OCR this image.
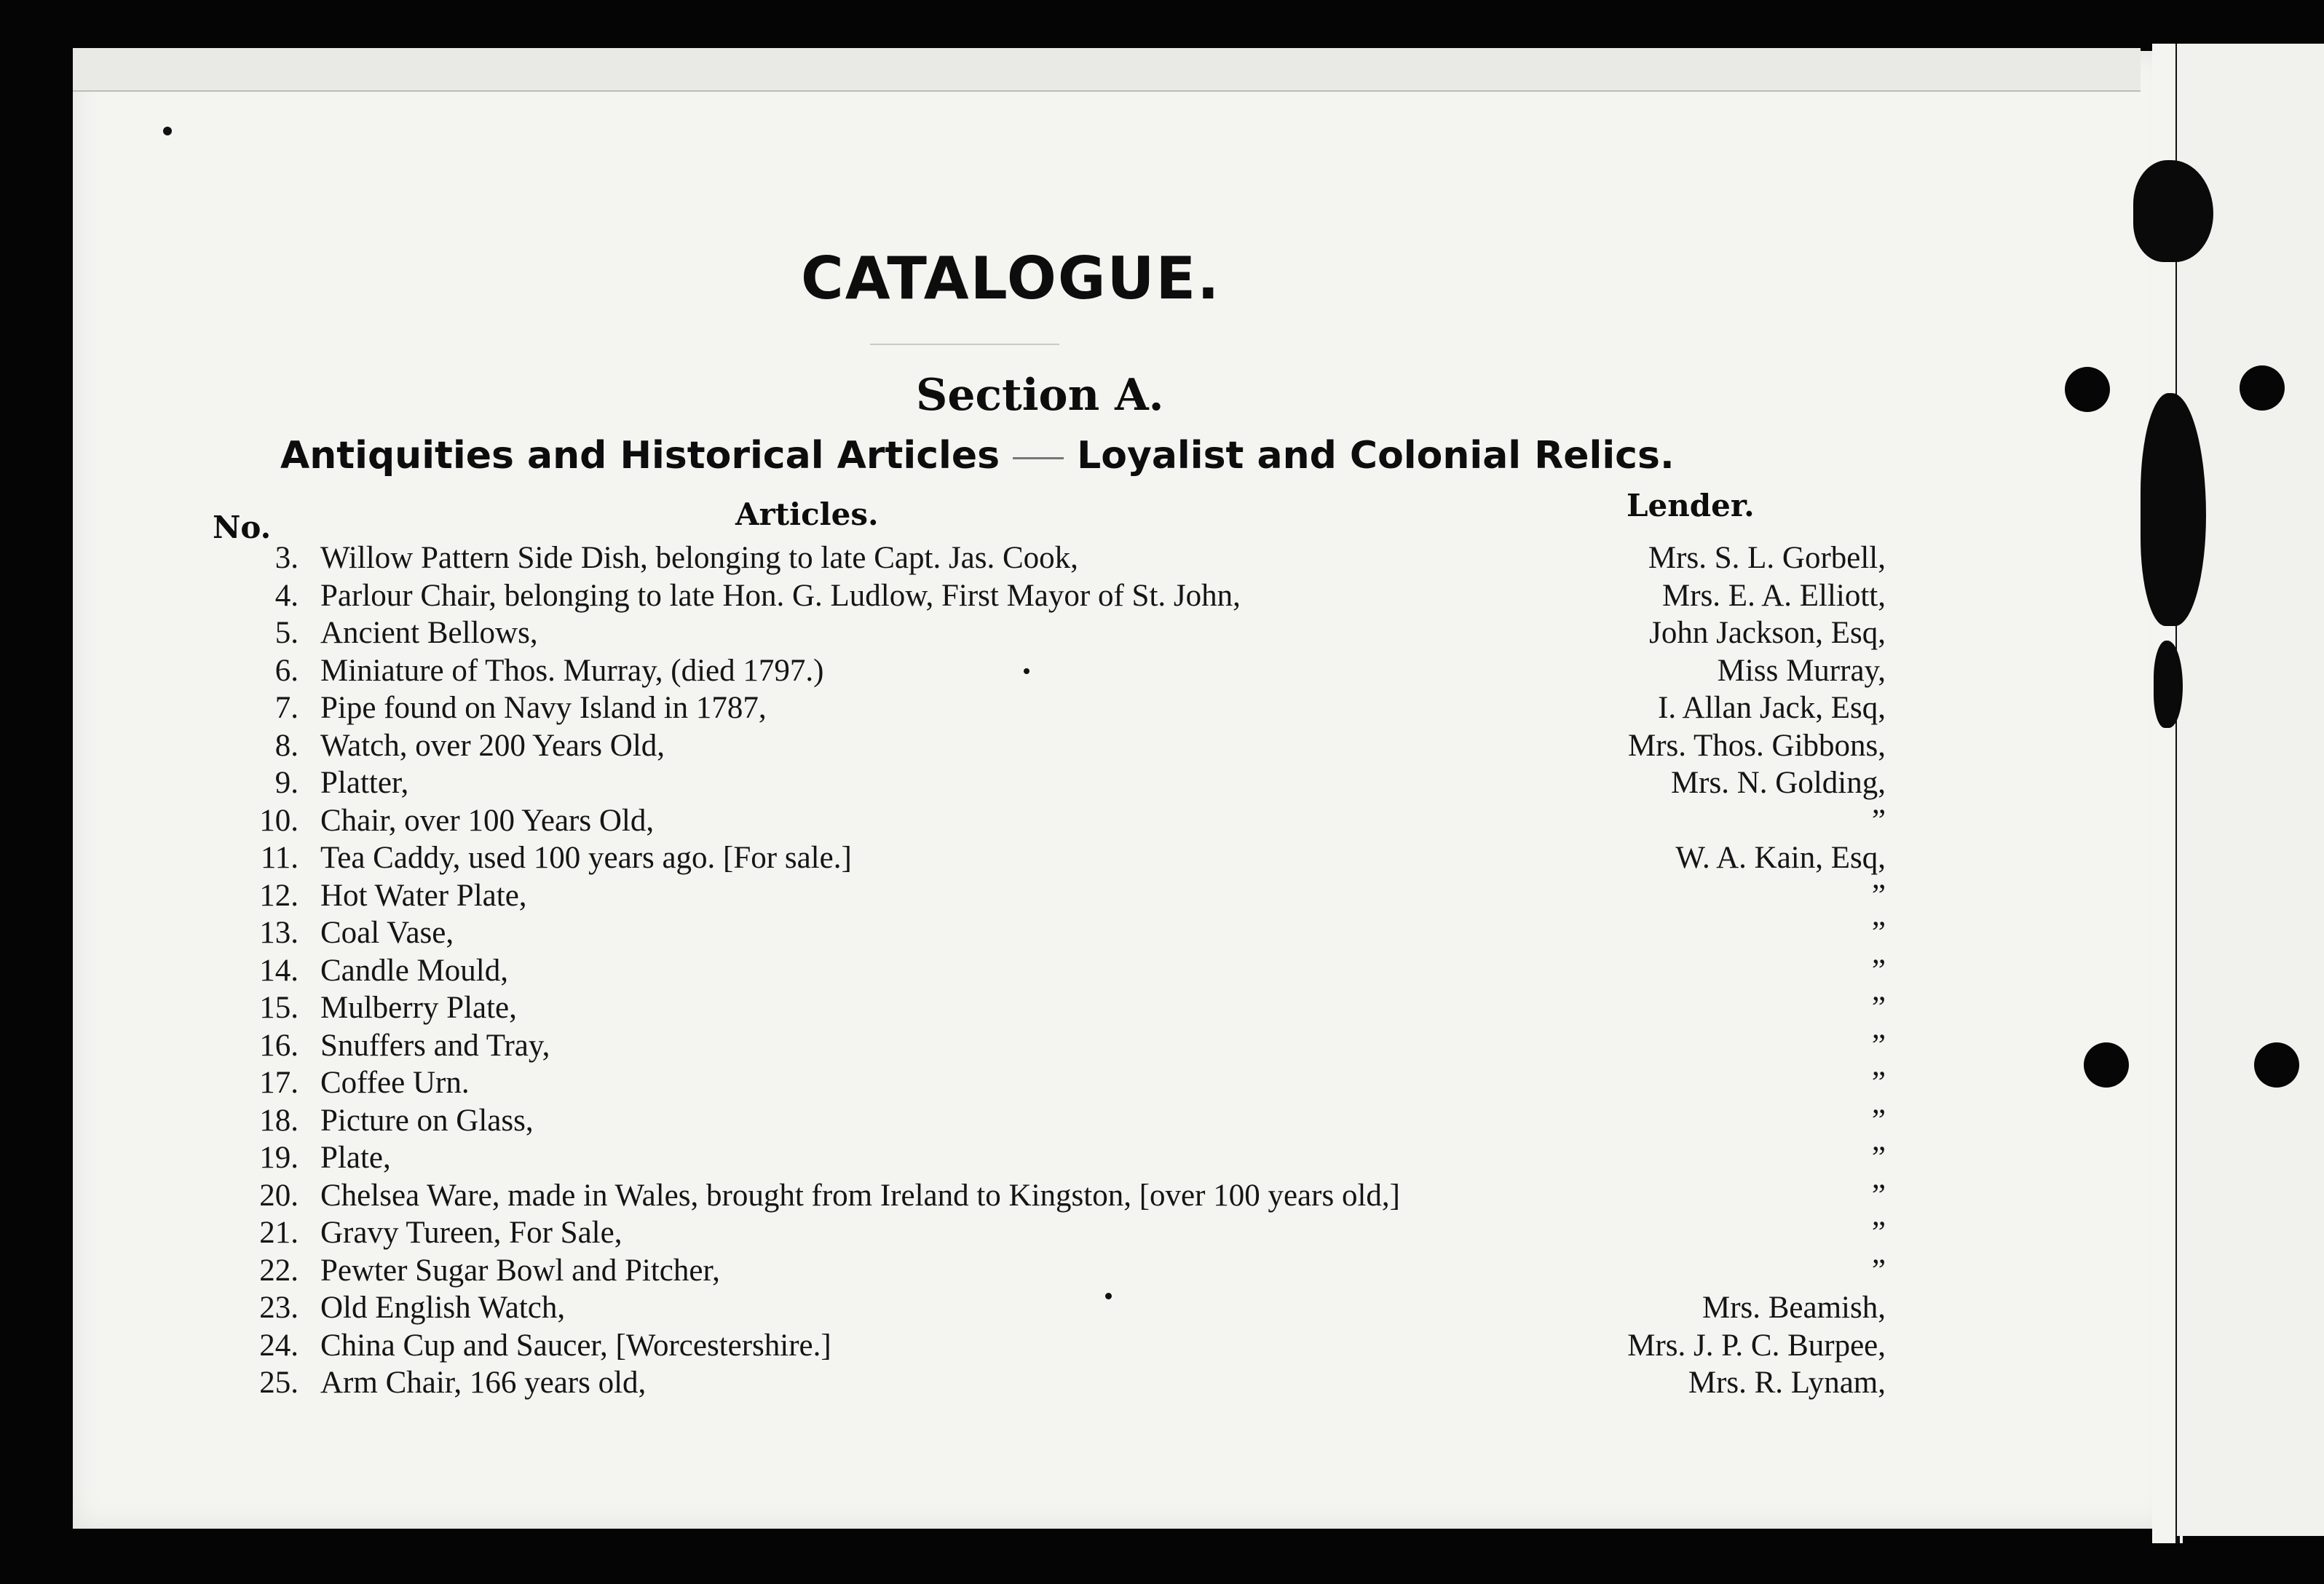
CATALOGUE.
Section A.
Antiquities and Historical Articles Loyalist and Colonial Relics.
No.	Articles.	Lender.
3. Willow Pattern Side Dish, belonging to late Capt. Jas. Cook,	Mrs. S. L. Gorbell,
4. Parlour Chair, belonging to late Hon. G. Ludlow, First Mayor of St. John,	Mrs. E. A. Elliott,
5. Ancient Bellows,	John Jackson, Esq,
6. Miniature of Thos. Murray, (died 1797.)	Miss Murray,
7. Pipe found on Navy Island in 1787,	I. Allan Jack, Esq,
8. Watch, over 200 Years Old,	Mrs. Thos. Gibbons,
9. Platter,	Mrs. N. Golding,
10. Chair, over 100 Years Old,	”
11. Tea Caddy, used 100 years ago. [For sale.]	W. A. Kain, Esq,
12. Hot Water Plate,	”
13. Coal Vase,	”
14. Candle Mould,	”
15. Mulberry Plate,	”
16. Snuffers and Tray,	”
17. Coffee Urn.	”
18. Picture on Glass,	”
19. Plate,	”
20. Chelsea Ware, made in Wales, brought from Ireland to Kingston, [over 100 years old,]	”
21. Gravy Tureen, For Sale,	”
22. Pewter Sugar Bowl and Pitcher,	”
23. Old English Watch,	Mrs. Beamish,
24. China Cup and Saucer, [Worcestershire.]	Mrs. J. P. C. Burpee,
25. Arm Chair, 166 years old,	Mrs. R. Lynam,
